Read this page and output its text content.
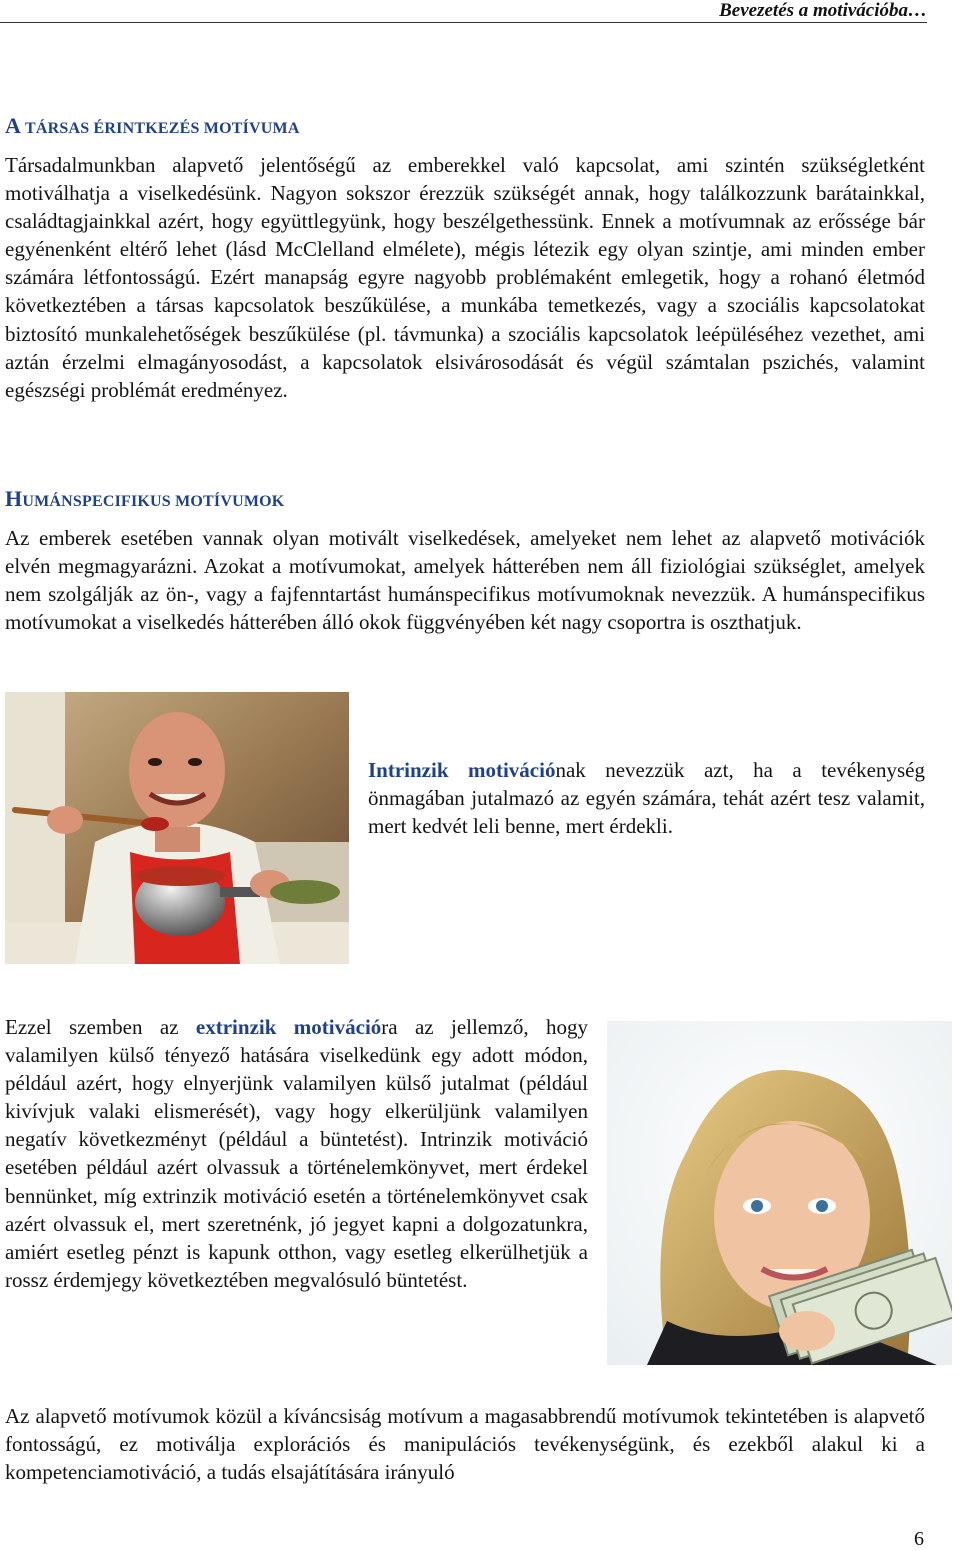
Bevezetés a motivációba…
A TÁRSAS ÉRINTKEZÉS MOTÍVUMA

Társadalmunkban alapvető jelentőségű az emberekkel való kapcsolat, ami szintén szükségletként motiválhatja a viselkedésünk. Nagyon sokszor érezzük szükségét annak, hogy találkozzunk barátainkkal, családtagjainkkal azért, hogy együttlegyünk, hogy beszélgethessünk. Ennek a motívumnak az erőssége bár egyénenként eltérő lehet (lásd McClelland elmélete), mégis létezik egy olyan szintje, ami minden ember számára létfontosságú. Ezért manapság egyre nagyobb problémaként emlegetik, hogy a rohanó életmód következtében a társas kapcsolatok beszűkülése, a munkába temetkezés, vagy a szociális kapcsolatokat biztosító munkalehetőségek beszűkülése (pl. távmunka) a szociális kapcsolatok leépüléséhez vezethet, ami aztán érzelmi elmagányosodást, a kapcsolatok elsivárosodását és végül számtalan pszichés, valamint egészségi problémát eredményez.

HUMÁNSPECIFIKUS MOTÍVUMOK

Az emberek esetében vannak olyan motivált viselkedések, amelyeket nem lehet az alapvető motivációk elvén megmagyarázni. Azokat a motívumokat, amelyek hátterében nem áll fiziológiai szükséglet, amelyek nem szolgálják az ön-, vagy a fajfenntartást humánspecifikus motívumoknak nevezzük. A humánspecifikus motívumokat a viselkedés hátterében álló okok függvényében két nagy csoportra is oszthatjuk.

Intrinzik motivációnak nevezzük azt, ha a tevékenység önmagában jutalmazó az egyén számára, tehát azért tesz valamit, mert kedvét leli benne, mert érdekli.

Ezzel szemben az extrinzik motivációra az jellemző, hogy valamilyen külső tényező hatására viselkedünk egy adott módon, például azért, hogy elnyerjünk valamilyen külső jutalmat (például kivívjuk valaki elismerését), vagy hogy elkerüljünk valamilyen negatív következményt (például a büntetést). Intrinzik motiváció esetében például azért olvassuk a történelemkönyvet, mert érdekel bennünket, míg extrinzik motiváció esetén a történelemkönyvet csak azért olvassuk el, mert szeretnénk, jó jegyet kapni a dolgozatunkra, amiért esetleg pénzt is kapunk otthon, vagy esetleg elkerülhetjük a rossz érdemjegy következtében megvalósuló büntetést.

Az alapvető motívumok közül a kíváncsiság motívum a magasabbrendű motívumok tekintetében is alapvető fontosságú, ez motiválja explorációs és manipulációs tevékenységünk, és ezekből alakul ki a kompetenciamotiváció, a tudás elsajátítására irányuló

6
